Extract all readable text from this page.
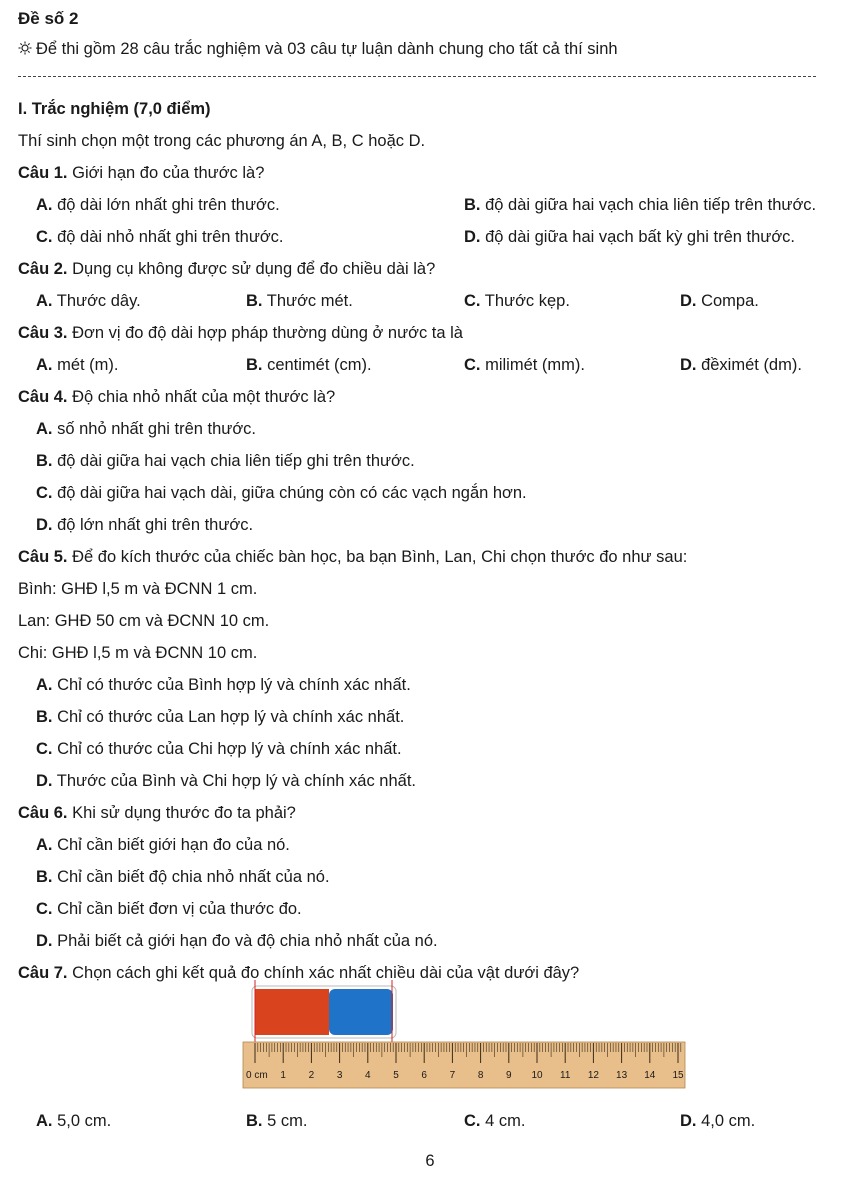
Đề số 2
Để thi gồm 28 câu trắc nghiệm và 03 câu tự luận dành chung cho tất cả thí sinh
I. Trắc nghiệm (7,0 điểm)
Thí sinh chọn một trong các phương án A, B, C hoặc D.
Câu 1. Giới hạn đo của thước là?
A. độ dài lớn nhất ghi trên thước.	B. độ dài giữa hai vạch chia liên tiếp trên thước.
C. độ dài nhỏ nhất ghi trên thước.	D. độ dài giữa hai vạch bất kỳ ghi trên thước.
Câu 2. Dụng cụ không được sử dụng để đo chiều dài là?
A. Thước dây.	B. Thước mét.	C. Thước kẹp.	D. Compa.
Câu 3. Đơn vị đo độ dài hợp pháp thường dùng ở nước ta là
A. mét (m).	B. centimét (cm).	C. milimét (mm).	D. đềximét (dm).
Câu 4. Độ chia nhỏ nhất của một thước là?
A. số nhỏ nhất ghi trên thước.
B. độ dài giữa hai vạch chia liên tiếp ghi trên thước.
C. độ dài giữa hai vạch dài, giữa chúng còn có các vạch ngắn hơn.
D. độ lớn nhất ghi trên thước.
Câu 5. Để đo kích thước của chiếc bàn học, ba bạn Bình, Lan, Chi chọn thước đo như sau:
Bình: GHĐ l,5 m và ĐCNN 1 cm.
Lan: GHĐ 50 cm và ĐCNN 10 cm.
Chi: GHĐ l,5 m và ĐCNN 10 cm.
A. Chỉ có thước của Bình hợp lý và chính xác nhất.
B. Chỉ có thước của Lan hợp lý và chính xác nhất.
C. Chỉ có thước của Chi hợp lý và chính xác nhất.
D. Thước của Bình và Chi hợp lý và chính xác nhất.
Câu 6. Khi sử dụng thước đo ta phải?
A. Chỉ cần biết giới hạn đo của nó.
B. Chỉ cần biết độ chia nhỏ nhất của nó.
C. Chỉ cần biết đơn vị của thước đo.
D. Phải biết cả giới hạn đo và độ chia nhỏ nhất của nó.
Câu 7. Chọn cách ghi kết quả đo chính xác nhất chiều dài của vật dưới đây?
0 cm 1 2 3 4 5 6 7 8 9 10 11 12 13 14 15
A. 5,0 cm.	B. 5 cm.	C. 4 cm.	D. 4,0 cm.
6
